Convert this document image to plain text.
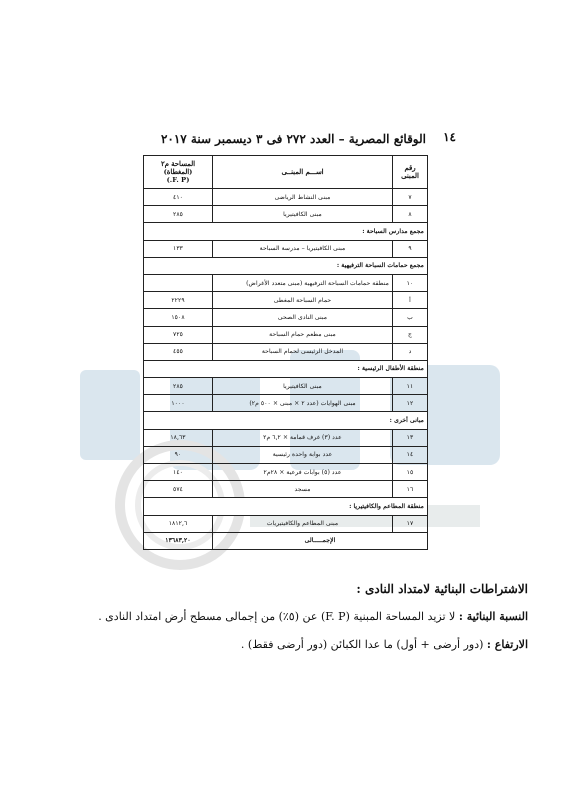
الوقائع المصرية – العدد ٢٧٢ فى ٣ ديسمبر سنة ٢٠١٧ ١٤
رقم المبنى	اســـم المبنــى	المساحة م٢ (المغطاة)
(F. P.)

٧	مبنى النشاط الرياضى	٤١٠
٨	مبنى الكافيتيريا	٢٨٥
مجمع مدارس السباحة :		
٩	مبنى الكافيتيريا – مدرسة السباحة	١٣٣
مجمع حمامات السباحة الترفيهية :		
١٠	منطقة حمامات السباحة الترفيهية (مبنى متعدد الأغراض)	
أ	حمام السباحة المغطى	٢٢٢٩
ب	مبنى النادى الصحى	١٥٠٨
ج	مبنى مطعم حمام السباحة	٧٢٥
د	المدخل الرئيسى لحمام السباحة	٤٥٥
منطقة الأطفال الرئيسية :		
١١	مبنى الكافيتيريا	٢٨٥
١٢	مبنى الهوايات (عدد ٢ × مبنى × ٥٠٠ م٢)	١٠٠٠
مبانى أخرى :		
١٣	عدد (٣) غرف قمامة × ٦,٢ م٢	١٨,٦٣
١٤	عدد بوابة واحدة رئيسية	٩٠
١٥	عدد (٥) بوابات فرعية × ٢٨م٢	١٤٠
١٦	مسجد	٥٧٤
منطقة المطاعم والكافيتيريا :		
١٧	مبنى المطاعم والكافيتيريات	١٨١٢,٦
الإجمـــــالى		١٣٦٨٣,٢٠
الاشتراطات البنائية لامتداد النادى :
النسبة البنائية : لا تزيد المساحة المبنية (F. P) عن (٥٪) من إجمالى مسطح أرض امتداد النادى .
الارتفاع : (دور أرضى + أول) ما عدا الكبائن (دور أرضى فقط) .
